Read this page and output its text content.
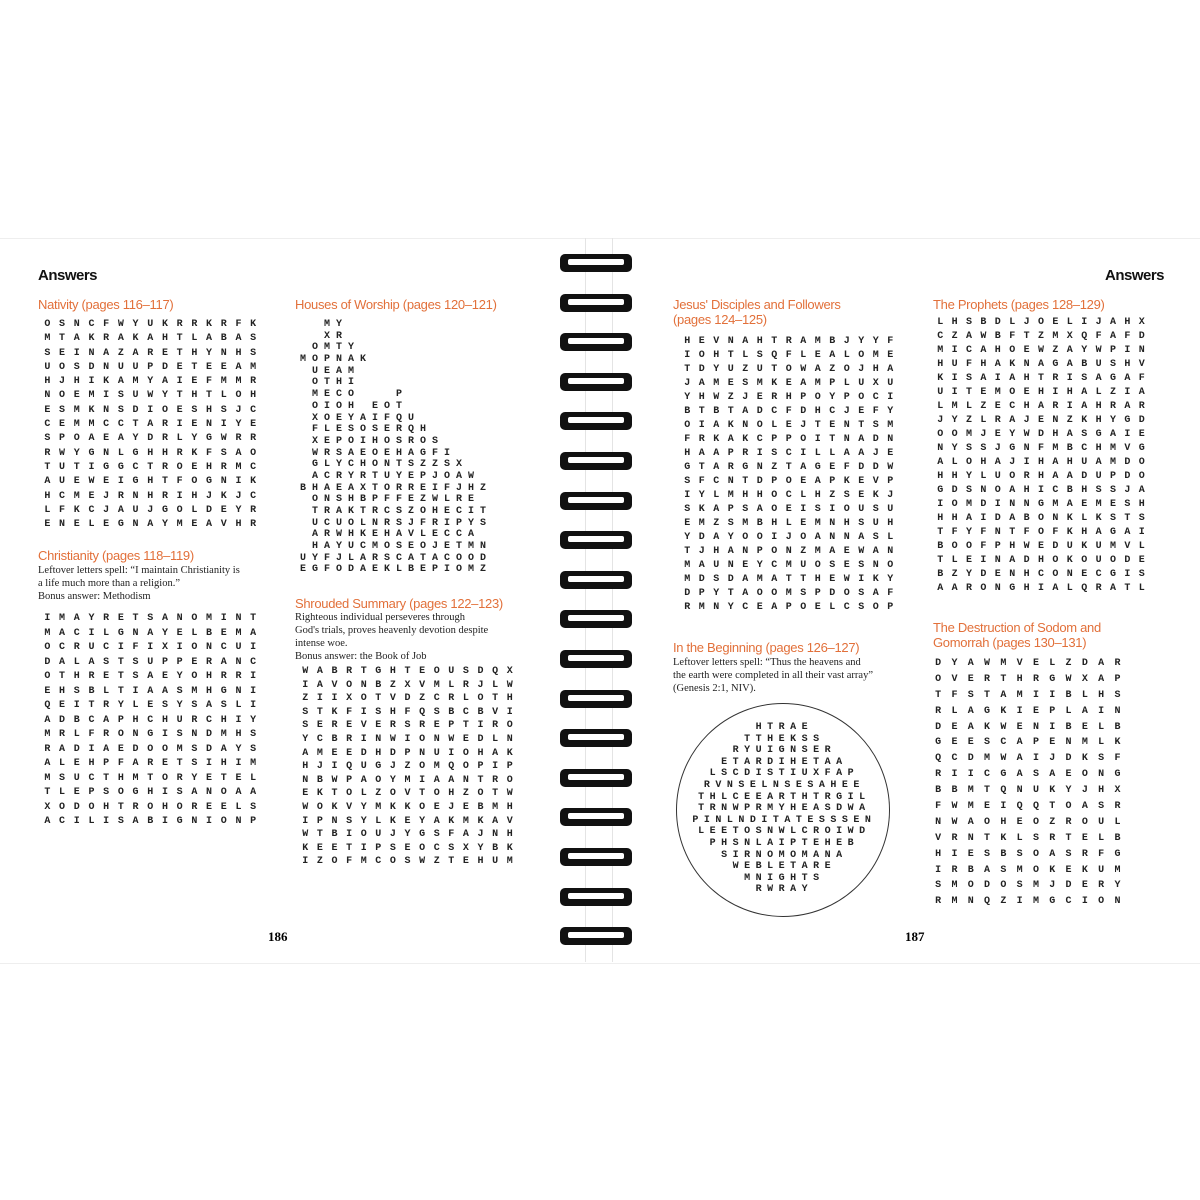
Answers
Nativity (pages 116–117)
OSNCFWYUKRRKRFK
MTAKRAKAHTLABAS
SEINAZARETHYNHS
UOSDNUUPDETEEAM
HJHIKAMYAIEFMMR
NOEMISUWYTHTLOH
ESMKNSDIOESHSJC
CEMMCCTARIENIYE
SPOAEAYDRLYGWRR
RWYGNLGHHRKFSAO
TUTIGGCTROEHRMC
AUEWEIGHTFOGNIK
HCMEJRNHRIHJKJC
LFKCJAUJGOLDEYR
ENELEGNAYMEAVHR
Christianity (pages 118–119)
Leftover letters spell: “I maintain Christianity is
a life much more than a religion.”
Bonus answer: Methodism
IMAYRETSANOMINT
MACILGNAYELBEMA
OCRUCIFIXIONCUI
DALASTSUPPERANC
OTHRETSAEYOHRRI
EHSBLTIAASMHGNI
QEITRYLESYSASLI
ADBCAPHCHURCHIY
MRLFRONGISNDMHS
RADIAEDOOMSDAYS
ALEHPFARETSIHIM
MSUCTHMTORYETEL
TLEPSOGHISANOAA
XODOHTROHOREELS
ACILISABIGNIONP
Houses of Worship (pages 120–121)
MY
XR
OMTY
MOPNAK
UEAM
OTHI
MECO   P
OIOH EOT
XOEYAIFQU
FLESOSERQH
XEPOIHOSROS
WRSAEOEHAGFI
GLYCHONTSZZSX
ACRYRTUYEPJOAW
BHAEAXTORREIFJHZ
ONSHBPFFEZWLRE
TRAKTRCSZOHECIT
UCUOLNRSJFRIPYS
ARWHKEHAVLECCA
HAYUCMOSEOJETMN
UYFJLARSCATACOOD
EGFODAEKLBEPIOMZ
Shrouded Summary (pages 122–123)
Righteous individual perseveres through
God's trials, proves heavenly devotion despite
intense woe.
Bonus answer: the Book of Job
WABRTGHTEOUSDQX
IAVONBZXVMLRJLW
ZIIXOTVDZCRLOTH
STKFISHFQSBCBVI
SEREVERSREPTIRO
YCBRINWIONWEDLN
AMEEDHDPNUIOHAK
HJIQUGJZOMQOPIP
NBWPAOYMIAANTRO
EKTOLZOVTOHZOTW
WOKVYMKKOEJEBMH
IPNSYLKEYAKMKAV
WTBIOUJYGSFAJNH
KEETIPSEOCSXYBK
IZOFMCOSWZTEHUM
186
Answers
Jesus' Disciples and Followers
(pages 124–125)
HEVNAHTRAMBJYYF
IOHTLSQFLEALOME
TDYUZUTOWAZOJHA
JAMESMKEAMPLUXU
YHWZJERHPOYPOCI
BTBTADCFDHCJEFY
OIAKNOLEJTENTSM
FRKAKCPPOITNADN
HAAPRISCILLAAJE
GTARGNZTAGEFDDW
SFCNTDPOEAPKEVP
IYLMHHOCLHZSEKJ
SKAPSAOEISIOUSU
EMZSMBHLEMNHSUH
YDAYOOIJOANNASL
TJHANPONZMAEWAN
MAUNEYCMUOSESNO
MDSDAMATTHEWIKY
DPYTAOOMSPDOSAF
RMNYCEAPOELCSOP
In the Beginning (pages 126–127)
Leftover letters spell: “Thus the heavens and
the earth were completed in all their vast array”
(Genesis 2:1, NIV).
HTRAE
TTHEKSS
RYUIGNSER
ETARDIHETAA
LSCDISTIUXFAP
RVNSELNSESAHEE
THLCEEARTHTRGIL
TRNWPRMYHEASDWA
PINLNDITATESSSEN
LEETOSNWLCROIWD
PHSNLAIPTEHEB
SIRNOMOMANA
WEBLETARE
MNIGHTS
RWRAY
The Prophets (pages 128–129)
LHSBDLJOELIJAHX
CZAWBFTZMXQFAFD
MICAHOEWZAYWPIN
HUFHAKNAGABUSHV
KISAIAHTRISAGAF
UITEMOEHIHALZIA
LMLZECHARIAHRAR
JYZLRAJENZKHYGD
OOMJEYWDHASGAIE
NYSSJGNFMBCHMVG
ALOHAJIHAHUAMDO
HHYLUORHAADUPDO
GDSNOAHICBHSSJA
IOMDINNGMAEMESH
HHAIDABONKLKSTS
TFYFNTFOFKHAGAI
BOOFPHWEDUKUMVL
TLEINADHOKOUODE
BZYDENHCONECGIS
AARONGHIALQRATL
The Destruction of Sodom and
Gomorrah (pages 130–131)
DYAWMVELZDAR
OVERTHRGWXAP
TFSTAMIIBLHS
RLAGKIEPLAIN
DEAKWENIBELB
GEESCAPENMLK
QCDMWAIJDKSF
RIICGASAEONG
BBMTQNUKYJHX
FWMEIQQTOASR
NWAOHEOZROUL
VRNTKLSRTELB
HIESBSOASRFG
IRBASMOKEKUM
SMODOSMJDERY
RMNQZIMGCION
187
